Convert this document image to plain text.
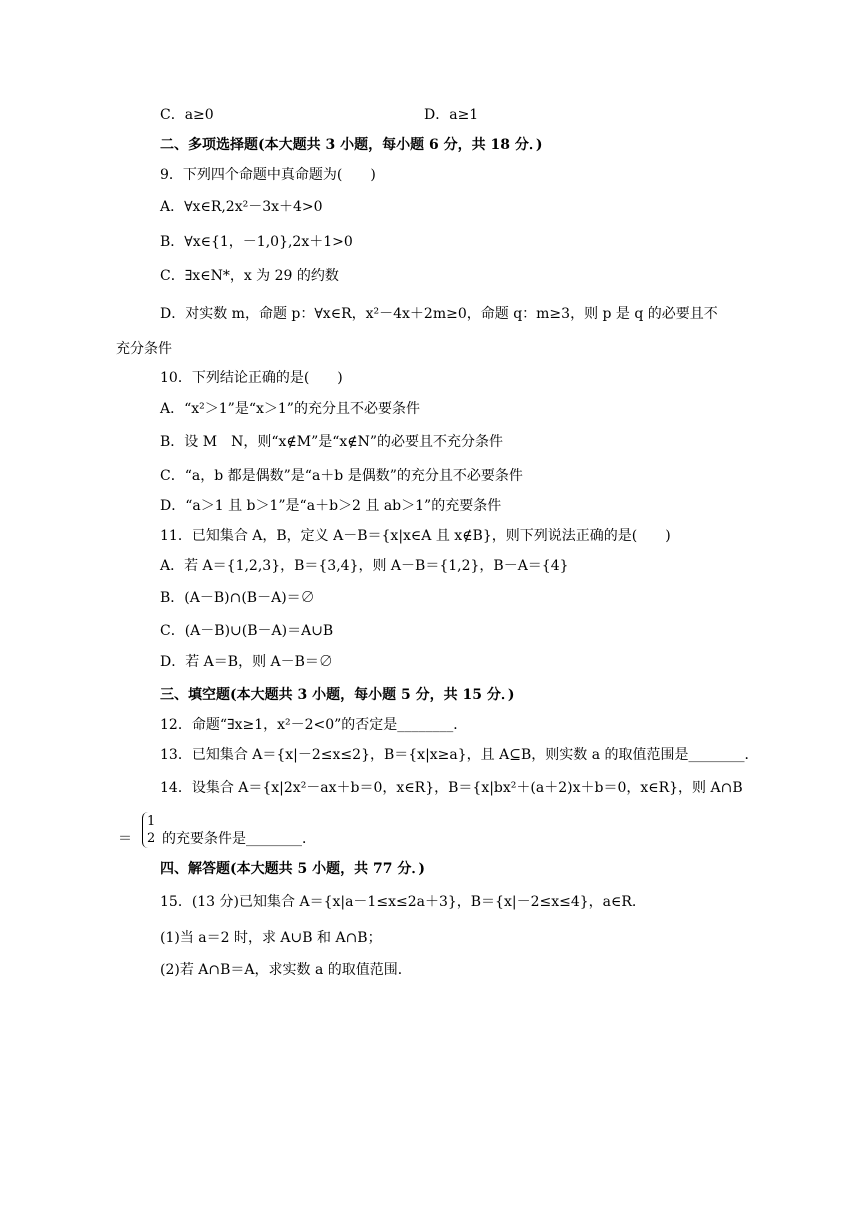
C．a≥0	D．a≥1
二、多项选择题(本大题共 3 小题，每小题 6 分，共 18 分．)
9．下列四个命题中真命题为(　　)
A．∀x∈R,2x²－3x＋4>0
B．∀x∈{1，－1,0},2x＋1>0
C．∃x∈N*，x 为 29 的约数
D．对实数 m，命题 p：∀x∈R，x²－4x＋2m≥0，命题 q：m≥3，则 p 是 q 的必要且不
充分条件
10．下列结论正确的是(　　)
A．“x²＞1”是“x＞1”的充分且不必要条件
B．设 M　N，则“x∉M”是“x∉N”的必要且不充分条件
C．“a，b 都是偶数”是“a＋b 是偶数”的充分且不必要条件
D．“a＞1 且 b＞1”是“a＋b＞2 且 ab＞1”的充要条件
11．已知集合 A，B，定义 A－B＝{x|x∈A 且 x∉B}，则下列说法正确的是(　　)
A．若 A＝{1,2,3}，B＝{3,4}，则 A－B＝{1,2}，B－A＝{4}
B．(A－B)∩(B－A)＝∅
C．(A－B)∪(B－A)＝A∪B
D．若 A＝B，则 A－B＝∅
三、填空题(本大题共 3 小题，每小题 5 分，共 15 分．)
12．命题“∃x≥1，x²－2<0”的否定是________．
13．已知集合 A＝{x|－2≤x≤2}，B＝{x|x≥a}，且 A⊆B，则实数 a 的取值范围是________．
14．设集合 A＝{x|2x²－ax＋b＝0，x∈R}，B＝{x|bx²＋(a＋2)x＋b＝0，x∈R}，则 A∩B
＝
1
2 的充要条件是________．
四、解答题(本大题共 5 小题，共 77 分．)
15．(13 分)已知集合 A＝{x|a－1≤x≤2a＋3}，B＝{x|－2≤x≤4}，a∈R.
(1)当 a＝2 时，求 A∪B 和 A∩B；
(2)若 A∩B＝A，求实数 a 的取值范围．
